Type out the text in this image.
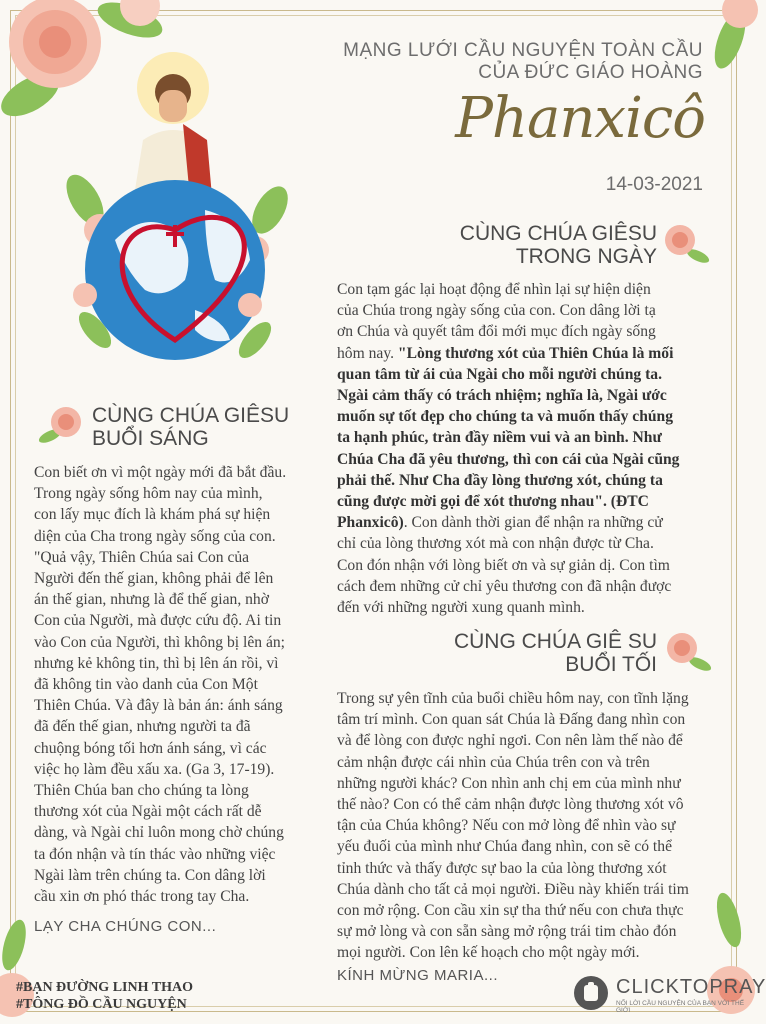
MẠNG LƯỚI CẦU NGUYỆN TOÀN CẦU
CỦA ĐỨC GIÁO HOÀNG
Phanxicô
14-03-2021
CÙNG CHÚA GIÊSU
TRONG NGÀY
Con tạm gác lại hoạt động để nhìn lại sự hiện diện
của Chúa trong ngày sống của con. Con dâng lời tạ
ơn Chúa và quyết tâm đổi mới mục đích ngày sống
hôm nay. "Lòng thương xót của Thiên Chúa là mối
quan tâm từ ái của Ngài cho mỗi người chúng ta.
Ngài cảm thấy có trách nhiệm; nghĩa là, Ngài ước
muốn sự tốt đẹp cho chúng ta và muốn thấy chúng
ta hạnh phúc, tràn đầy niềm vui và an bình. Như
Chúa Cha đã yêu thương, thì con cái của Ngài cũng
phải thế. Như Cha đầy lòng thương xót, chúng ta
cũng được mời gọi để xót thương nhau". (ĐTC
Phanxicô). Con dành thời gian để nhận ra những cử
chỉ của lòng thương xót mà con nhận được từ Cha.
Con đón nhận với lòng biết ơn và sự giản dị. Con tìm
cách đem những cử chỉ yêu thương con đã nhận được
đến với những người xung quanh mình.
CÙNG CHÚA GIÊSU
BUỔI SÁNG
Con biết ơn vì một ngày mới đã bắt đầu.
Trong ngày sống hôm nay của mình,
con lấy mục đích là khám phá sự hiện
diện của Cha trong ngày sống của con.
"Quả vậy, Thiên Chúa sai Con của
Người đến thế gian, không phải để lên
án thế gian, nhưng là để thế gian, nhờ
Con của Người, mà được cứu độ. Ai tin
vào Con của Người, thì không bị lên án;
nhưng kẻ không tin, thì bị lên án rồi, vì
đã không tin vào danh của Con Một
Thiên Chúa. Và đây là bản án: ánh sáng
đã đến thế gian, nhưng người ta đã
chuộng bóng tối hơn ánh sáng, vì các
việc họ làm đều xấu xa. (Ga 3, 17-19).
Thiên Chúa ban cho chúng ta lòng
thương xót của Ngài một cách rất dễ
dàng, và Ngài chỉ luôn mong chờ chúng
ta đón nhận và tín thác vào những việc
Ngài làm trên chúng ta. Con dâng lời
cầu xin ơn phó thác trong tay Cha.
LẠY CHA CHÚNG CON...
CÙNG CHÚA GIÊ SU
BUỔI TỐI
Trong sự yên tĩnh của buổi chiều hôm nay, con tĩnh lặng
tâm trí mình. Con quan sát Chúa là Đấng đang nhìn con
và để lòng con được nghỉ ngơi. Con nên làm thế nào để
cảm nhận được cái nhìn của Chúa trên con và trên
những người khác? Con nhìn anh chị em của mình như
thế nào? Con có thể cảm nhận được lòng thương xót vô
tận của Chúa không? Nếu con mở lòng để nhìn vào sự
yếu đuối của mình như Chúa đang nhìn, con sẽ có thể
tỉnh thức và thấy được sự bao la của lòng thương xót
Chúa dành cho tất cả mọi người. Điều này khiến trái tim
con mở rộng. Con cầu xin sự tha thứ nếu con chưa thực
sự mở lòng và con sẵn sàng mở rộng trái tim chào đón
mọi người. Con lên kế hoạch cho một ngày mới.
KÍNH MỪNG MARIA...
#BẠN ĐƯỜNG LINH THAO
#TÔNG ĐỒ CẦU NGUYỆN
CLICKTOPRAY
NỐI LỜI CẦU NGUYỆN CỦA BẠN VỚI THẾ GIỚI
